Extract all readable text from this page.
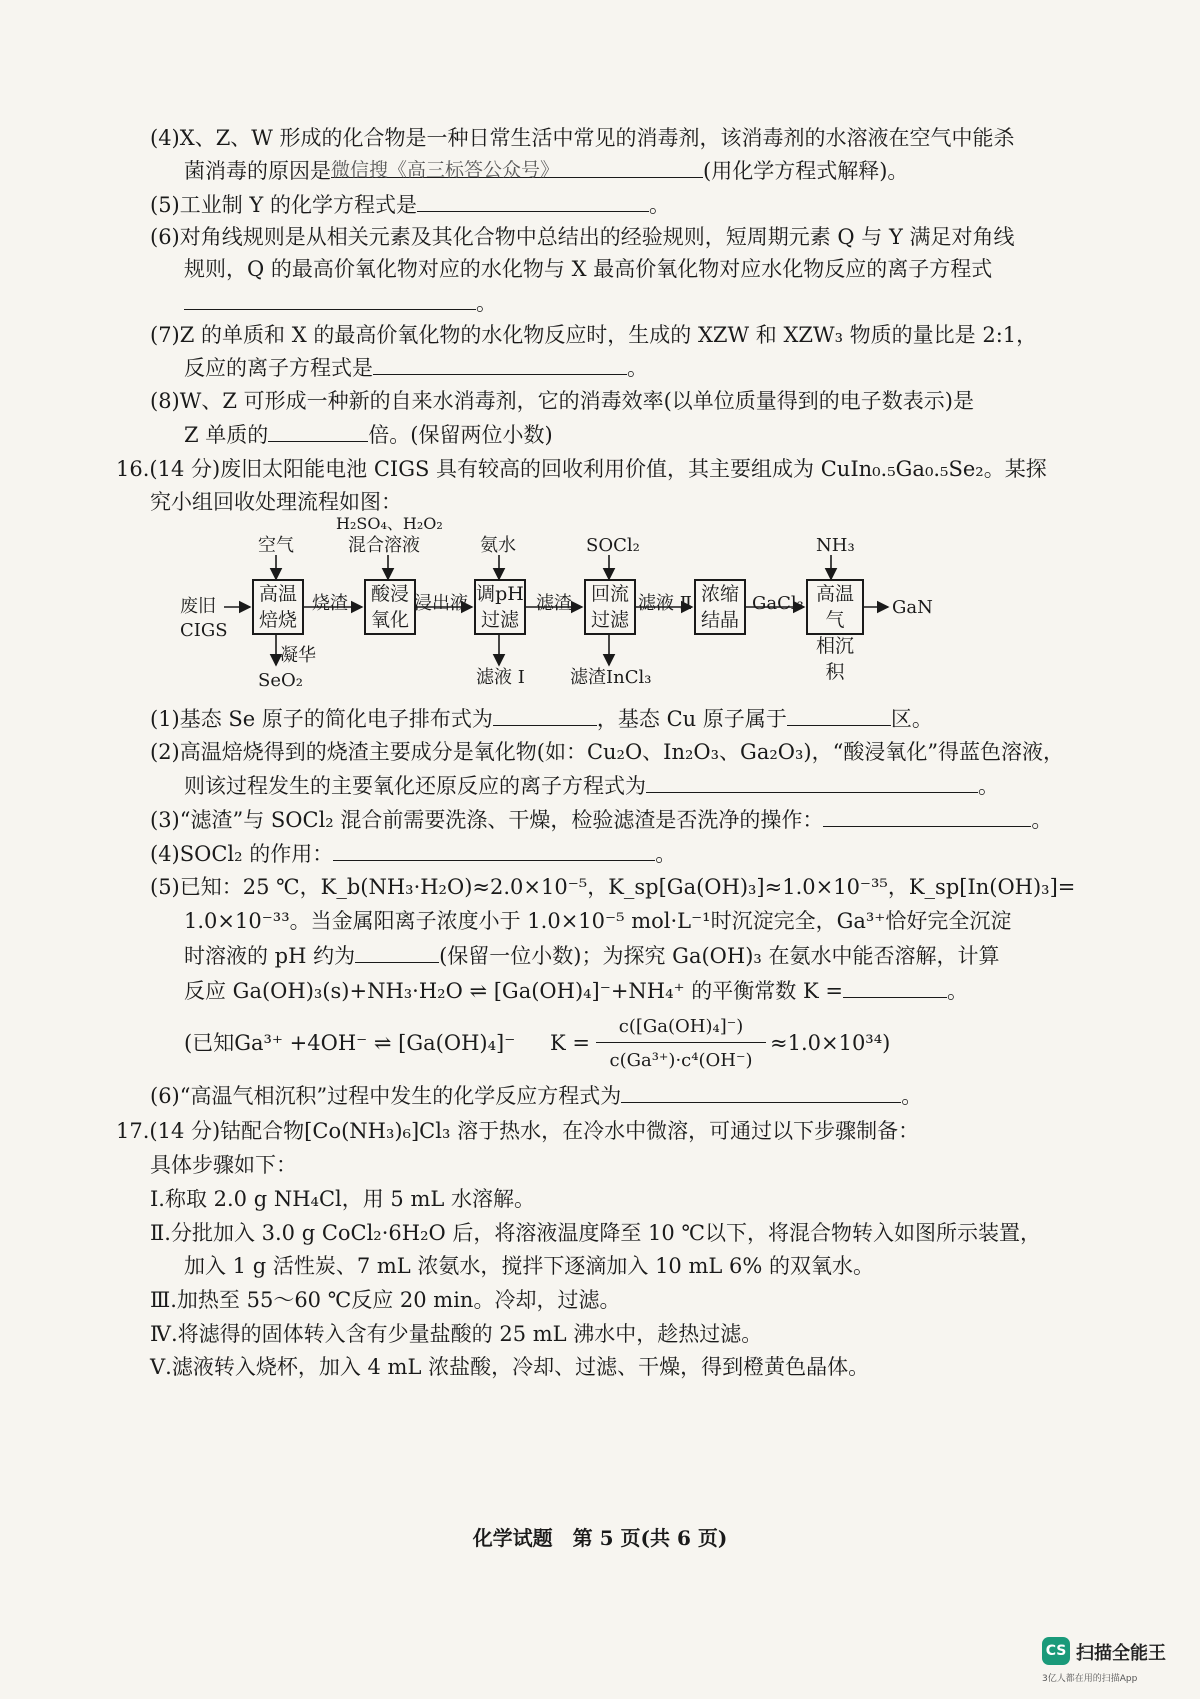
(4)X、Z、W 形成的化合物是一种日常生活中常见的消毒剂，该消毒剂的水溶液在空气中能杀
菌消毒的原因是 微信搜《高三标答公众号》	(用化学方程式解释)。
(5)工业制 Y 的化学方程式是	。
(6)对角线规则是从相关元素及其化合物中总结出的经验规则，短周期元素 Q 与 Y 满足对角线
规则，Q 的最高价氧化物对应的水化物与 X 最高价氧化物对应水化物反应的离子方程式
。
(7)Z 的单质和 X 的最高价氧化物的水化物反应时，生成的 XZW 和 XZW₃ 物质的量比是 2:1，
反应的离子方程式是	。
(8)W、Z 可形成一种新的自来水消毒剂，它的消毒效率(以单位质量得到的电子数表示)是
Z 单质的	倍。(保留两位小数)
16.(14 分)废旧太阳能电池 CIGS 具有较高的回收利用价值，其主要组成为 CuIn₀.₅Ga₀.₅Se₂。某探
究小组回收处理流程如图：
废旧
CIGS
高温
焙烧
酸浸
氧化
调pH
过滤
回流
过滤
浓缩
结晶
高温气
相沉积
空气
H₂SO₄、H₂O₂
混合溶液	氨水	SOCl₂	NH₃
烧渣	浸出液	滤渣	滤液 Ⅱ	GaCl₃	GaN
凝华
SeO₂	滤液 Ⅰ	滤渣InCl₃
(1)基态 Se 原子的简化电子排布式为	，基态 Cu 原子属于	区。
(2)高温焙烧得到的烧渣主要成分是氧化物(如：Cu₂O、In₂O₃、Ga₂O₃)，“酸浸氧化”得蓝色溶液，
则该过程发生的主要氧化还原反应的离子方程式为	。
(3)“滤渣”与 SOCl₂ 混合前需要洗涤、干燥，检验滤渣是否洗净的操作：	。
(4)SOCl₂ 的作用：	。
(5)已知：25 ℃，K_b(NH₃·H₂O)≈2.0×10⁻⁵，K_sp[Ga(OH)₃]≈1.0×10⁻³⁵，K_sp[In(OH)₃]=
1.0×10⁻³³。当金属阳离子浓度小于 1.0×10⁻⁵ mol·L⁻¹时沉淀完全，Ga³⁺恰好完全沉淀
时溶液的 pH 约为	(保留一位小数)；为探究 Ga(OH)₃ 在氨水中能否溶解，计算
反应 Ga(OH)₃(s)+NH₃·H₂O ⇌ [Ga(OH)₄]⁻+NH₄⁺ 的平衡常数 K =	。
(已知Ga³⁺ +4OH⁻ ⇌ [Ga(OH)₄]⁻ K =
c([Ga(OH)₄]⁻)
c(Ga³⁺)·c⁴(OH⁻)
≈1.0×10³⁴)
(6)“高温气相沉积”过程中发生的化学反应方程式为	。
17.(14 分)钴配合物[Co(NH₃)₆]Cl₃ 溶于热水，在冷水中微溶，可通过以下步骤制备：
具体步骤如下：
Ⅰ.称取 2.0 g NH₄Cl，用 5 mL 水溶解。
Ⅱ.分批加入 3.0 g CoCl₂·6H₂O 后，将溶液温度降至 10 ℃以下，将混合物转入如图所示装置，
加入 1 g 活性炭、7 mL 浓氨水，搅拌下逐滴加入 10 mL 6% 的双氧水。
Ⅲ.加热至 55～60 ℃反应 20 min。冷却，过滤。
Ⅳ.将滤得的固体转入含有少量盐酸的 25 mL 沸水中，趁热过滤。
Ⅴ.滤液转入烧杯，加入 4 mL 浓盐酸，冷却、过滤、干燥，得到橙黄色晶体。
化学试题　第 5 页(共 6 页)
CS 扫描全能王
3亿人都在用的扫描App
